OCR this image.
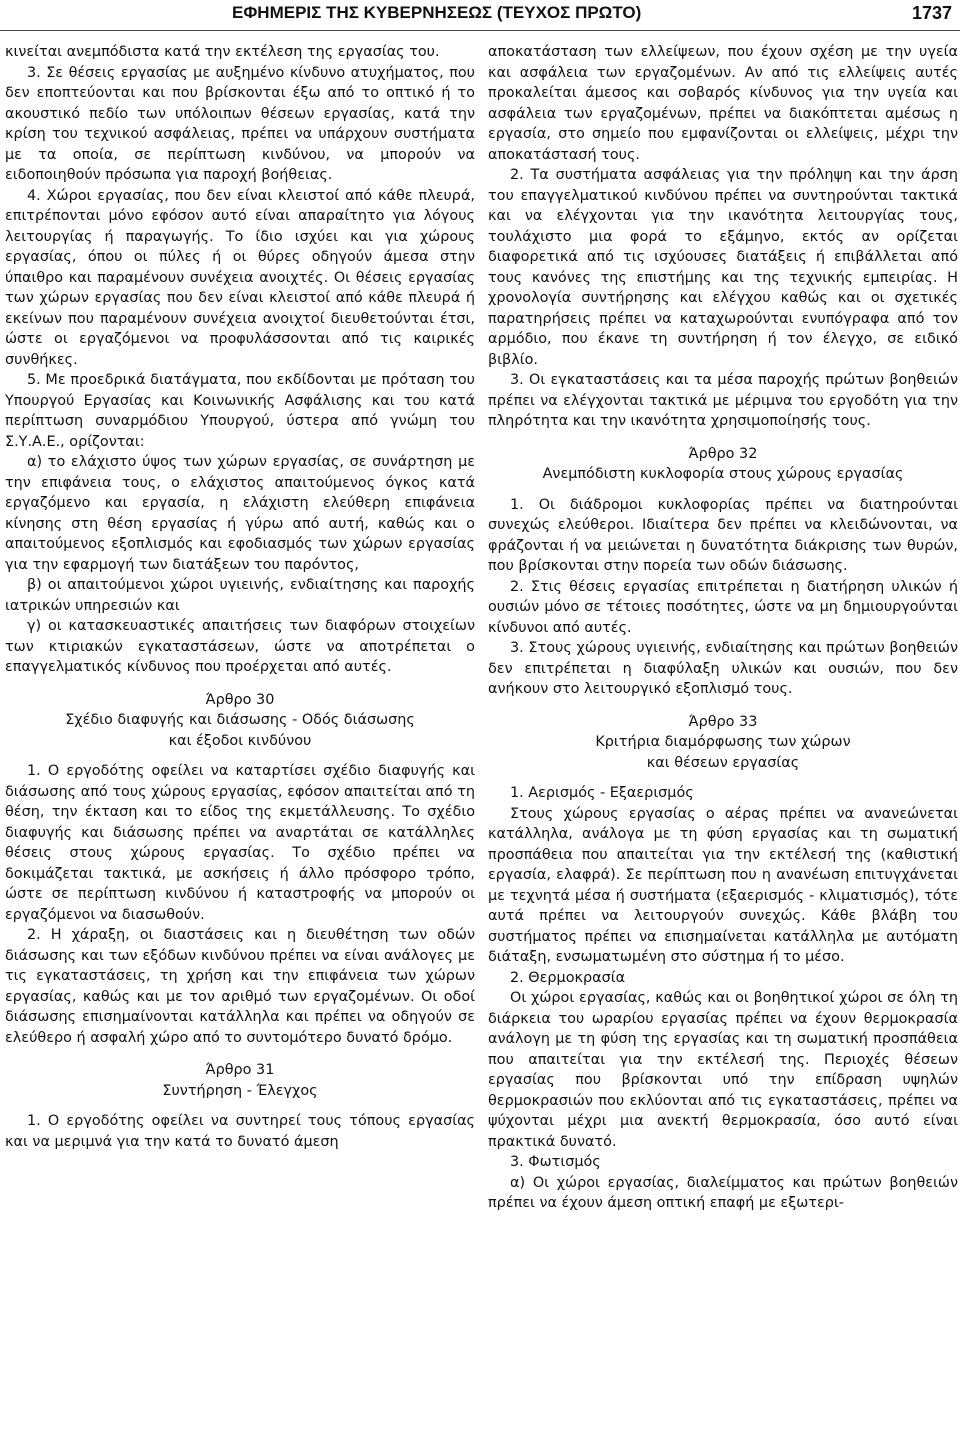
ΕΦΗΜΕΡΙΣ ΤΗΣ ΚΥΒΕΡΝΗΣΕΩΣ (ΤΕΥΧΟΣ ΠΡΩΤΟ)	1737

κινείται ανεμπόδιστα κατά την εκτέλεση της εργασίας του.

3. Σε θέσεις εργασίας με αυξημένο κίνδυνο ατυχήματος, που δεν εποπτεύονται και που βρίσκονται έξω από το οπτικό ή το ακουστικό πεδίο των υπόλοιπων θέσεων εργασίας, κατά την κρίση του τεχνικού ασφάλειας, πρέπει να υπάρχουν συστήματα με τα οποία, σε περίπτωση κινδύνου, να μπορούν να ειδοποιηθούν πρόσωπα για παροχή βοήθειας.

4. Χώροι εργασίας, που δεν είναι κλειστοί από κάθε πλευρά, επιτρέπονται μόνο εφόσον αυτό είναι απαραίτητο για λόγους λειτουργίας ή παραγωγής. Το ίδιο ισχύει και για χώρους εργασίας, όπου οι πύλες ή οι θύρες οδηγούν άμεσα στην ύπαιθρο και παραμένουν συνέχεια ανοιχτές. Οι θέσεις εργασίας των χώρων εργασίας που δεν είναι κλειστοί από κάθε πλευρά ή εκείνων που παραμένουν συνέχεια ανοιχτοί διευθετούνται έτσι, ώστε οι εργαζόμενοι να προφυλάσσονται από τις καιρικές συνθήκες.

5. Με προεδρικά διατάγματα, που εκδίδονται με πρόταση του Υπουργού Εργασίας και Κοινωνικής Ασφάλισης και του κατά περίπτωση συναρμόδιου Υπουργού, ύστερα από γνώμη του Σ.Υ.Α.Ε., ορίζονται:

α) το ελάχιστο ύψος των χώρων εργασίας, σε συνάρτηση με την επιφάνεια τους, ο ελάχιστος απαιτούμενος όγκος κατά εργαζόμενο και εργασία, η ελάχιστη ελεύθερη επιφάνεια κίνησης στη θέση εργασίας ή γύρω από αυτή, καθώς και ο απαιτούμενος εξοπλισμός και εφοδιασμός των χώρων εργασίας για την εφαρμογή των διατάξεων του παρόντος,

β) οι απαιτούμενοι χώροι υγιεινής, ενδιαίτησης και παροχής ιατρικών υπηρεσιών και

γ) οι κατασκευαστικές απαιτήσεις των διαφόρων στοιχείων των κτιριακών εγκαταστάσεων, ώστε να αποτρέπεται ο επαγγελματικός κίνδυνος που προέρχεται από αυτές.

Άρθρο 30
Σχέδιο διαφυγής και διάσωσης - Οδός διάσωσης
και έξοδοι κινδύνου

1. Ο εργοδότης οφείλει να καταρτίσει σχέδιο διαφυγής και διάσωσης από τους χώρους εργασίας, εφόσον απαιτείται από τη θέση, την έκταση και το είδος της εκμετάλλευσης. Το σχέδιο διαφυγής και διάσωσης πρέπει να αναρτάται σε κατάλληλες θέσεις στους χώρους εργασίας. Το σχέδιο πρέπει να δοκιμάζεται τακτικά, με ασκήσεις ή άλλο πρόσφορο τρόπο, ώστε σε περίπτωση κινδύνου ή καταστροφής να μπορούν οι εργαζόμενοι να διασωθούν.

2. Η χάραξη, οι διαστάσεις και η διευθέτηση των οδών διάσωσης και των εξόδων κινδύνου πρέπει να είναι ανάλογες με τις εγκαταστάσεις, τη χρήση και την επιφάνεια των χώρων εργασίας, καθώς και με τον αριθμό των εργαζομένων. Οι οδοί διάσωσης επισημαίνονται κατάλληλα και πρέπει να οδηγούν σε ελεύθερο ή ασφαλή χώρο από το συντομότερο δυνατό δρόμο.

Άρθρο 31
Συντήρηση - Έλεγχος

1. Ο εργοδότης οφείλει να συντηρεί τους τόπους εργασίας και να μεριμνά για την κατά το δυνατό άμεση

αποκατάσταση των ελλείψεων, που έχουν σχέση με την υγεία και ασφάλεια των εργαζομένων. Αν από τις ελλείψεις αυτές προκαλείται άμεσος και σοβαρός κίνδυνος για την υγεία και ασφάλεια των εργαζομένων, πρέπει να διακόπτεται αμέσως η εργασία, στο σημείο που εμφανίζονται οι ελλείψεις, μέχρι την αποκατάστασή τους.

2. Τα συστήματα ασφάλειας για την πρόληψη και την άρση του επαγγελματικού κινδύνου πρέπει να συντηρούνται τακτικά και να ελέγχονται για την ικανότητα λειτουργίας τους, τουλάχιστο μια φορά το εξάμηνο, εκτός αν ορίζεται διαφορετικά από τις ισχύουσες διατάξεις ή επιβάλλεται από τους κανόνες της επιστήμης και της τεχνικής εμπειρίας. Η χρονολογία συντήρησης και ελέγχου καθώς και οι σχετικές παρατηρήσεις πρέπει να καταχωρούνται ενυπόγραφα από τον αρμόδιο, που έκανε τη συντήρηση ή τον έλεγχο, σε ειδικό βιβλίο.

3. Οι εγκαταστάσεις και τα μέσα παροχής πρώτων βοηθειών πρέπει να ελέγχονται τακτικά με μέριμνα του εργοδότη για την πληρότητα και την ικανότητα χρησιμοποίησής τους.

Άρθρο 32
Ανεμπόδιστη κυκλοφορία στους χώρους εργασίας

1. Οι διάδρομοι κυκλοφορίας πρέπει να διατηρούνται συνεχώς ελεύθεροι. Ιδιαίτερα δεν πρέπει να κλειδώνονται, να φράζονται ή να μειώνεται η δυνατότητα διάκρισης των θυρών, που βρίσκονται στην πορεία των οδών διάσωσης.

2. Στις θέσεις εργασίας επιτρέπεται η διατήρηση υλικών ή ουσιών μόνο σε τέτοιες ποσότητες, ώστε να μη δημιουργούνται κίνδυνοι από αυτές.

3. Στους χώρους υγιεινής, ενδιαίτησης και πρώτων βοηθειών δεν επιτρέπεται η διαφύλαξη υλικών και ουσιών, που δεν ανήκουν στο λειτουργικό εξοπλισμό τους.

Άρθρο 33
Κριτήρια διαμόρφωσης των χώρων
και θέσεων εργασίας

1. Αερισμός - Εξαερισμός

Στους χώρους εργασίας ο αέρας πρέπει να ανανεώνεται κατάλληλα, ανάλογα με τη φύση εργασίας και τη σωματική προσπάθεια που απαιτείται για την εκτέλεσή της (καθιστική εργασία, ελαφρά). Σε περίπτωση που η ανανέωση επιτυγχάνεται με τεχνητά μέσα ή συστήματα (εξαερισμός - κλιματισμός), τότε αυτά πρέπει να λειτουργούν συνεχώς. Κάθε βλάβη του συστήματος πρέπει να επισημαίνεται κατάλληλα με αυτόματη διάταξη, ενσωματωμένη στο σύστημα ή το μέσο.

2. Θερμοκρασία

Οι χώροι εργασίας, καθώς και οι βοηθητικοί χώροι σε όλη τη διάρκεια του ωραρίου εργασίας πρέπει να έχουν θερμοκρασία ανάλογη με τη φύση της εργασίας και τη σωματική προσπάθεια που απαιτείται για την εκτέλεσή της. Περιοχές θέσεων εργασίας που βρίσκονται υπό την επίδραση υψηλών θερμοκρασιών που εκλύονται από τις εγκαταστάσεις, πρέπει να ψύχονται μέχρι μια ανεκτή θερμοκρασία, όσο αυτό είναι πρακτικά δυνατό.

3. Φωτισμός

α) Οι χώροι εργασίας, διαλείμματος και πρώτων βοηθειών πρέπει να έχουν άμεση οπτική επαφή με εξωτερι-
